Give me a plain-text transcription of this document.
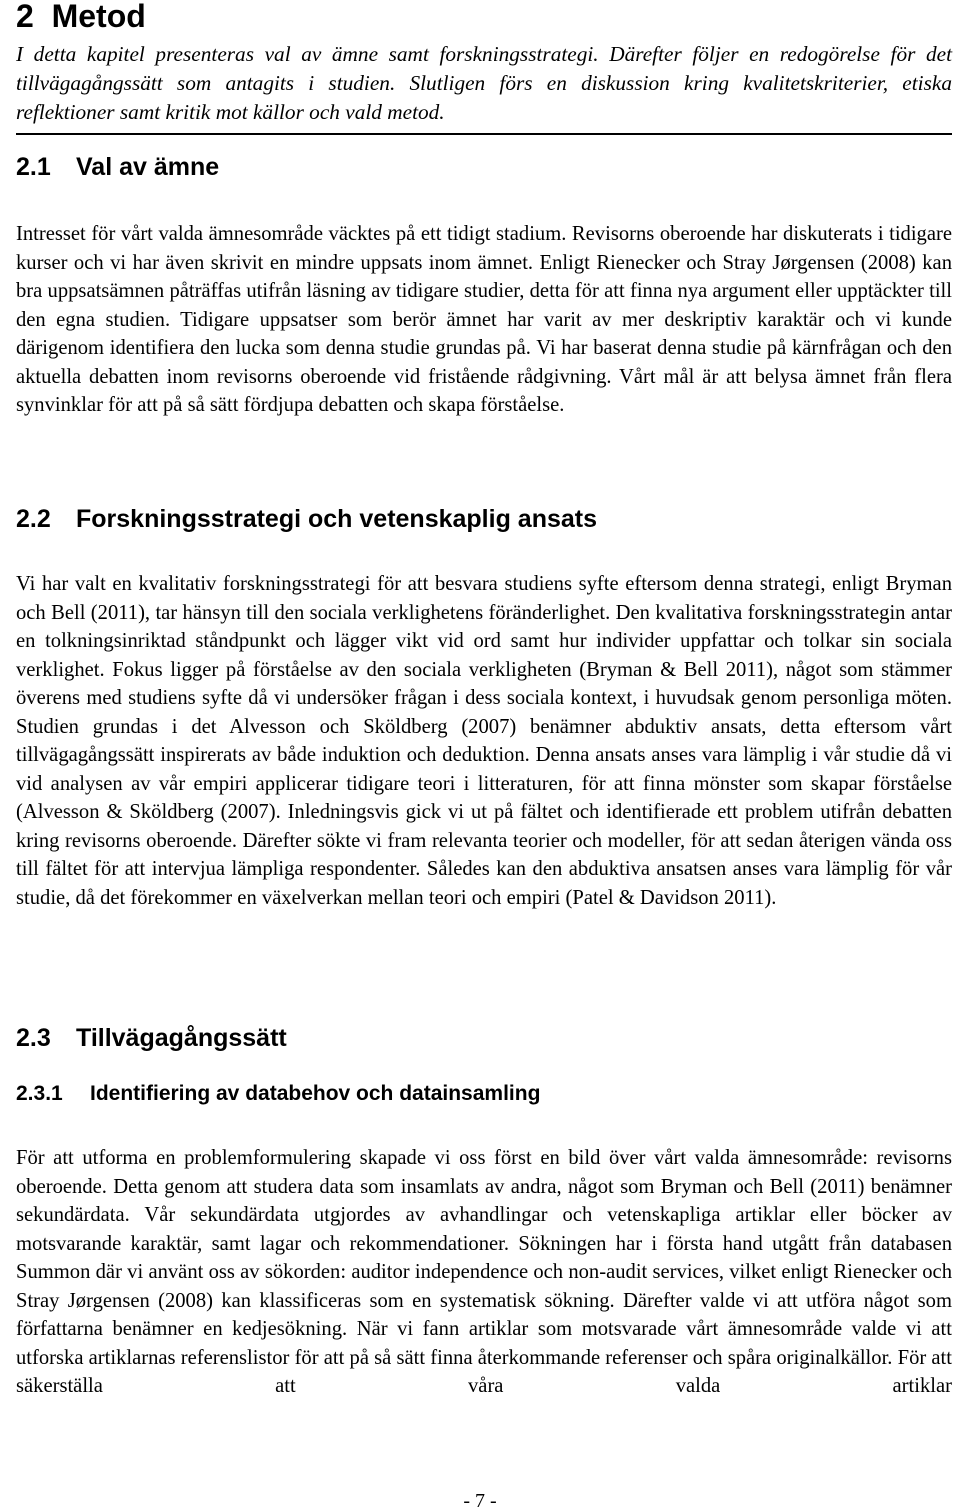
2 Metod

I detta kapitel presenteras val av ämne samt forskningsstrategi. Därefter följer en redogörelse för det tillvägagångssätt som antagits i studien. Slutligen förs en diskussion kring kvalitetskriterier, etiska reflektioner samt kritik mot källor och vald metod.

2.1 Val av ämne

Intresset för vårt valda ämnesområde väcktes på ett tidigt stadium. Revisorns oberoende har diskuterats i tidigare kurser och vi har även skrivit en mindre uppsats inom ämnet. Enligt Rienecker och Stray Jørgensen (2008) kan bra uppsatsämnen påträffas utifrån läsning av tidigare studier, detta för att finna nya argument eller upptäckter till den egna studien. Tidigare uppsatser som berör ämnet har varit av mer deskriptiv karaktär och vi kunde därigenom identifiera den lucka som denna studie grundas på. Vi har baserat denna studie på kärnfrågan och den aktuella debatten inom revisorns oberoende vid fristående rådgivning. Vårt mål är att belysa ämnet från flera synvinklar för att på så sätt fördjupa debatten och skapa förståelse.

2.2 Forskningsstrategi och vetenskaplig ansats

Vi har valt en kvalitativ forskningsstrategi för att besvara studiens syfte eftersom denna strategi, enligt Bryman och Bell (2011), tar hänsyn till den sociala verklighetens föränderlighet. Den kvalitativa forskningsstrategin antar en tolkningsinriktad ståndpunkt och lägger vikt vid ord samt hur individer uppfattar och tolkar sin sociala verklighet. Fokus ligger på förståelse av den sociala verkligheten (Bryman & Bell 2011), något som stämmer överens med studiens syfte då vi undersöker frågan i dess sociala kontext, i huvudsak genom personliga möten. Studien grundas i det Alvesson och Sköldberg (2007) benämner abduktiv ansats, detta eftersom vårt tillvägagångssätt inspirerats av både induktion och deduktion. Denna ansats anses vara lämplig i vår studie då vi vid analysen av vår empiri applicerar tidigare teori i litteraturen, för att finna mönster som skapar förståelse (Alvesson & Sköldberg (2007). Inledningsvis gick vi ut på fältet och identifierade ett problem utifrån debatten kring revisorns oberoende. Därefter sökte vi fram relevanta teorier och modeller, för att sedan återigen vända oss till fältet för att intervjua lämpliga respondenter. Således kan den abduktiva ansatsen anses vara lämplig för vår studie, då det förekommer en växelverkan mellan teori och empiri (Patel & Davidson 2011).

2.3 Tillvägagångssätt
2.3.1 Identifiering av databehov och datainsamling

För att utforma en problemformulering skapade vi oss först en bild över vårt valda ämnesområde: revisorns oberoende. Detta genom att studera data som insamlats av andra, något som Bryman och Bell (2011) benämner sekundärdata. Vår sekundärdata utgjordes av avhandlingar och vetenskapliga artiklar eller böcker av motsvarande karaktär, samt lagar och rekommendationer. Sökningen har i första hand utgått från databasen Summon där vi använt oss av sökorden: auditor independence och non-audit services, vilket enligt Rienecker och Stray Jørgensen (2008) kan klassificeras som en systematisk sökning. Därefter valde vi att utföra något som författarna benämner en kedjesökning. När vi fann artiklar som motsvarade vårt ämnesområde valde vi att utforska artiklarnas referenslistor för att på så sätt finna återkommande referenser och spåra originalkällor. För att säkerställa att våra valda artiklar

- 7 -
